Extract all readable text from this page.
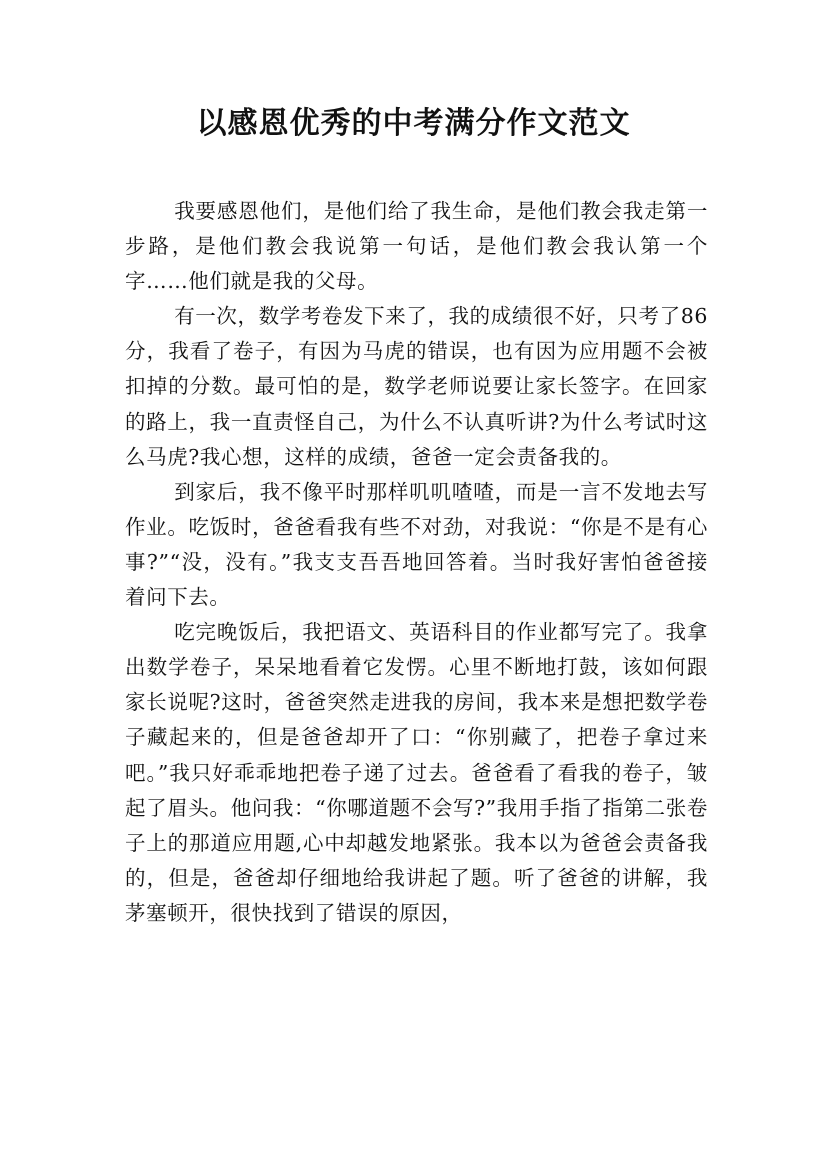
以感恩优秀的中考满分作文范文

我要感恩他们，是他们给了我生命，是他们教会我走第一步路，是他们教会我说第一句话，是他们教会我认第一个字……他们就是我的父母。

有一次，数学考卷发下来了，我的成绩很不好，只考了86分，我看了卷子，有因为马虎的错误，也有因为应用题不会被扣掉的分数。最可怕的是，数学老师说要让家长签字。在回家的路上，我一直责怪自己，为什么不认真听讲?为什么考试时这么马虎?我心想，这样的成绩，爸爸一定会责备我的。

到家后，我不像平时那样叽叽喳喳，而是一言不发地去写作业。吃饭时，爸爸看我有些不对劲，对我说：“你是不是有心事?”“没，没有。”我支支吾吾地回答着。当时我好害怕爸爸接着问下去。

吃完晚饭后，我把语文、英语科目的作业都写完了。我拿出数学卷子，呆呆地看着它发愣。心里不断地打鼓，该如何跟家长说呢?这时，爸爸突然走进我的房间，我本来是想把数学卷子藏起来的，但是爸爸却开了口：“你别藏了，把卷子拿过来吧。”我只好乖乖地把卷子递了过去。爸爸看了看我的卷子，皱起了眉头。他问我：“你哪道题不会写?”我用手指了指第二张卷子上的那道应用题,心中却越发地紧张。我本以为爸爸会责备我的，但是，爸爸却仔细地给我讲起了题。听了爸爸的讲解，我茅塞顿开，很快找到了错误的原因，
